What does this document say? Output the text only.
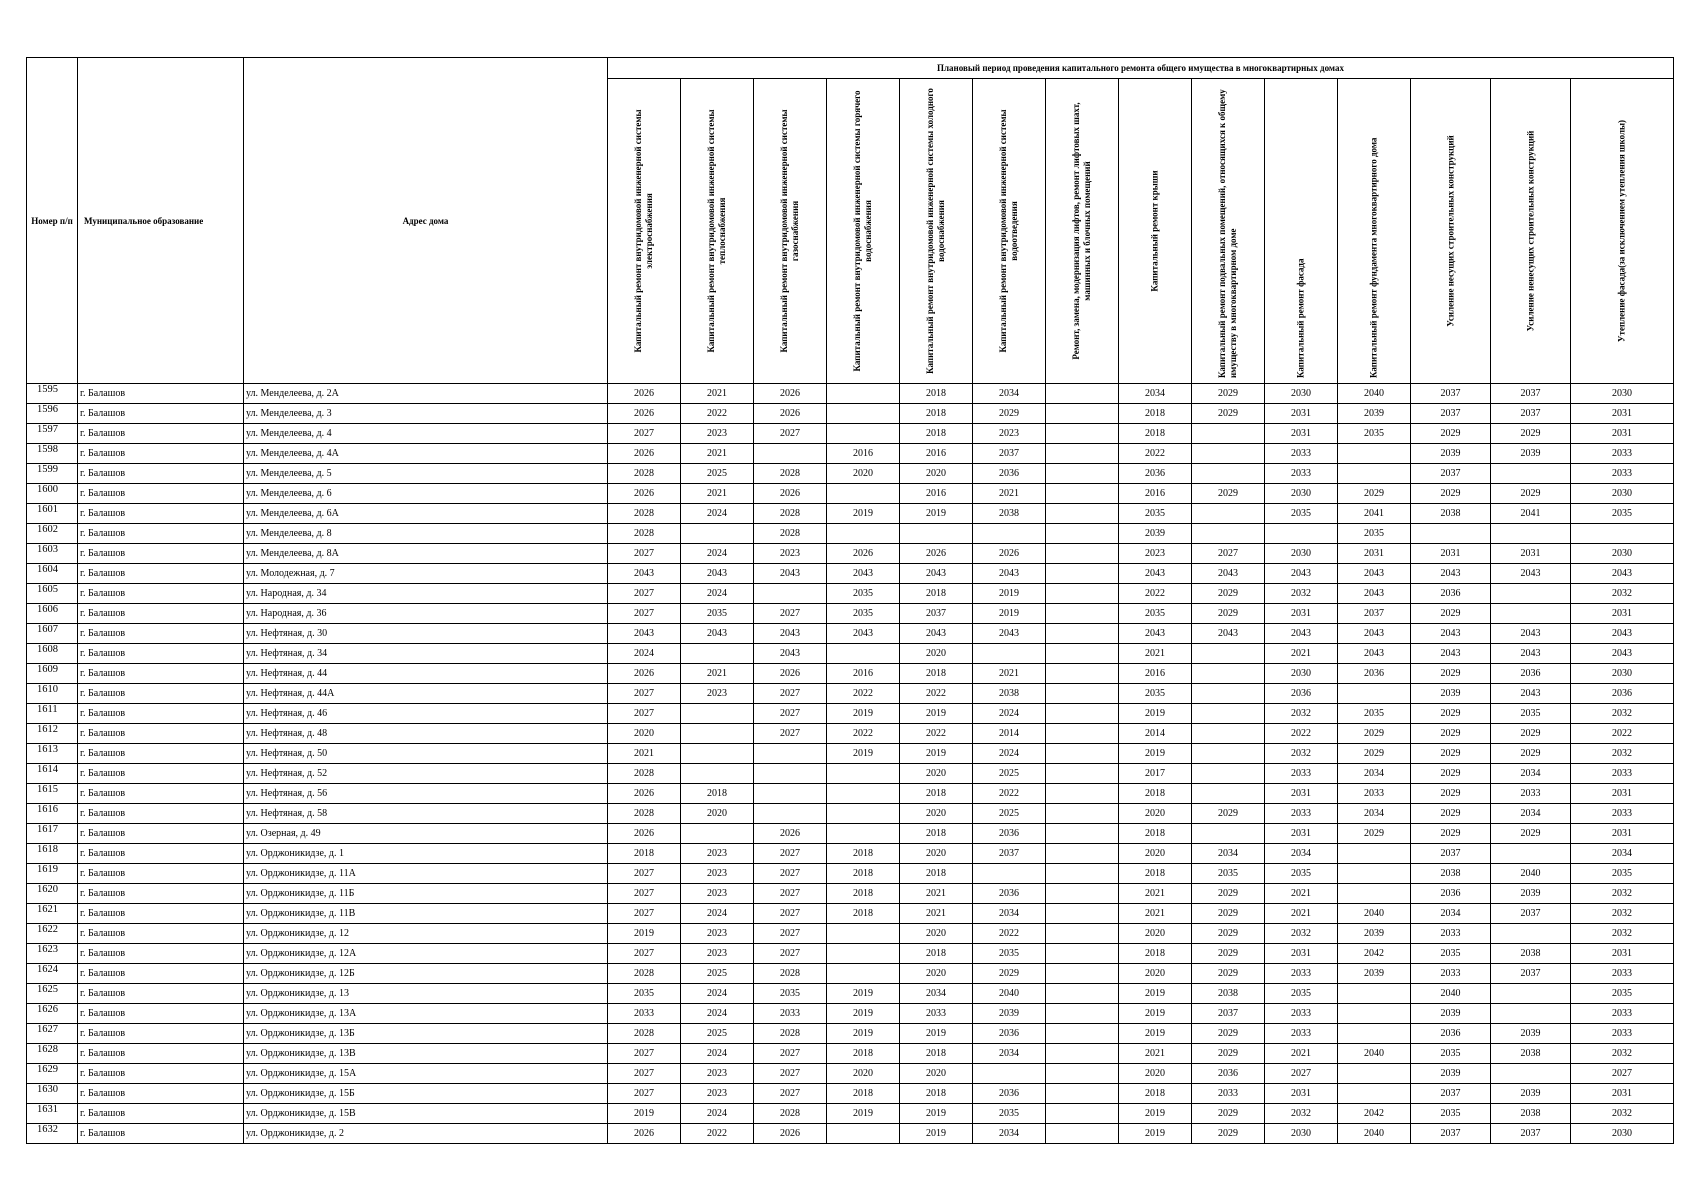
Номер п/п	Муниципальное образование	Адрес дома	Плановый период проведения капитального ремонта общего имущества в многоквартирных домах													

			Капитальный ремонт внутридомовой инженерной системы электроснабжения	Капитальный ремонт внутридомовой инженерной системы теплоснабжения	Капитальный ремонт внутридомовой инженерной системы газоснабжения	Капитальный ремонт внутридомовой инженерной системы горячего водоснабжения	Капитальный ремонт внутридомовой инженерной системы холодного водоснабжения	Капитальный ремонт внутридомовой инженерной системы водоотведения	Ремонт, замена, модернизация лифтов, ремонт лифтовых шахт, машинных и блочных помещений	Капитальный ремонт крыши	Капитальный ремонт подвальных помещений, относящихся к общему имуществу в многоквартирном доме	Капитальный ремонт фасада	Капитальный ремонт фундамента многоквартирного дома	Усиление несущих строительных конструкций	Усиление ненесущих строительных конструкций	Утепление фасада(за исключением утепления школы)

1595	г. Балашов	ул. Менделеева, д. 2А	2026	2021	2026		2018	2034		2034	2029	2030	2040	2037	2037	2030
1596	г. Балашов	ул. Менделеева, д. 3	2026	2022	2026		2018	2029		2018	2029	2031	2039	2037	2037	2031
1597	г. Балашов	ул. Менделеева, д. 4	2027	2023	2027		2018	2023		2018		2031	2035	2029	2029	2031
1598	г. Балашов	ул. Менделеева, д. 4А	2026	2021		2016	2016	2037		2022		2033		2039	2039	2033
1599	г. Балашов	ул. Менделеева, д. 5	2028	2025	2028	2020	2020	2036		2036		2033		2037		2033
1600	г. Балашов	ул. Менделеева, д. 6	2026	2021	2026		2016	2021		2016	2029	2030	2029	2029	2029	2030
1601	г. Балашов	ул. Менделеева, д. 6А	2028	2024	2028	2019	2019	2038		2035		2035	2041	2038	2041	2035
1602	г. Балашов	ул. Менделеева, д. 8	2028		2028					2039			2035			
1603	г. Балашов	ул. Менделеева, д. 8А	2027	2024	2023	2026	2026	2026		2023	2027	2030	2031	2031	2031	2030
1604	г. Балашов	ул. Молодежная, д. 7	2043	2043	2043	2043	2043	2043		2043	2043	2043	2043	2043	2043	2043
1605	г. Балашов	ул. Народная, д. 34	2027	2024		2035	2018	2019		2022	2029	2032	2043	2036		2032
1606	г. Балашов	ул. Народная, д. 36	2027	2035	2027	2035	2037	2019		2035	2029	2031	2037	2029		2031
1607	г. Балашов	ул. Нефтяная, д. 30	2043	2043	2043	2043	2043	2043		2043	2043	2043	2043	2043	2043	2043
1608	г. Балашов	ул. Нефтяная, д. 34	2024		2043		2020			2021		2021	2043	2043	2043	2043
1609	г. Балашов	ул. Нефтяная, д. 44	2026	2021	2026	2016	2018	2021		2016		2030	2036	2029	2036	2030
1610	г. Балашов	ул. Нефтяная, д. 44А	2027	2023	2027	2022	2022	2038		2035		2036		2039	2043	2036
1611	г. Балашов	ул. Нефтяная, д. 46	2027		2027	2019	2019	2024		2019		2032	2035	2029	2035	2032
1612	г. Балашов	ул. Нефтяная, д. 48	2020		2027	2022	2022	2014		2014		2022	2029	2029	2029	2022
1613	г. Балашов	ул. Нефтяная, д. 50	2021			2019	2019	2024		2019		2032	2029	2029	2029	2032
1614	г. Балашов	ул. Нефтяная, д. 52	2028				2020	2025		2017		2033	2034	2029	2034	2033
1615	г. Балашов	ул. Нефтяная, д. 56	2026	2018			2018	2022		2018		2031	2033	2029	2033	2031
1616	г. Балашов	ул. Нефтяная, д. 58	2028	2020			2020	2025		2020	2029	2033	2034	2029	2034	2033
1617	г. Балашов	ул. Озерная, д. 49	2026		2026		2018	2036		2018		2031	2029	2029	2029	2031
1618	г. Балашов	ул. Орджоникидзе, д. 1	2018	2023	2027	2018	2020	2037		2020	2034	2034		2037		2034
1619	г. Балашов	ул. Орджоникидзе, д. 11А	2027	2023	2027	2018	2018			2018	2035	2035		2038	2040	2035
1620	г. Балашов	ул. Орджоникидзе, д. 11Б	2027	2023	2027	2018	2021	2036		2021	2029	2021		2036	2039	2032
1621	г. Балашов	ул. Орджоникидзе, д. 11В	2027	2024	2027	2018	2021	2034		2021	2029	2021	2040	2034	2037	2032
1622	г. Балашов	ул. Орджоникидзе, д. 12	2019	2023	2027		2020	2022		2020	2029	2032	2039	2033		2032
1623	г. Балашов	ул. Орджоникидзе, д. 12А	2027	2023	2027		2018	2035		2018	2029	2031	2042	2035	2038	2031
1624	г. Балашов	ул. Орджоникидзе, д. 12Б	2028	2025	2028		2020	2029		2020	2029	2033	2039	2033	2037	2033
1625	г. Балашов	ул. Орджоникидзе, д. 13	2035	2024	2035	2019	2034	2040		2019	2038	2035		2040		2035
1626	г. Балашов	ул. Орджоникидзе, д. 13А	2033	2024	2033	2019	2033	2039		2019	2037	2033		2039		2033
1627	г. Балашов	ул. Орджоникидзе, д. 13Б	2028	2025	2028	2019	2019	2036		2019	2029	2033		2036	2039	2033
1628	г. Балашов	ул. Орджоникидзе, д. 13В	2027	2024	2027	2018	2018	2034		2021	2029	2021	2040	2035	2038	2032
1629	г. Балашов	ул. Орджоникидзе, д. 15А	2027	2023	2027	2020	2020			2020	2036	2027		2039		2027
1630	г. Балашов	ул. Орджоникидзе, д. 15Б	2027	2023	2027	2018	2018	2036		2018	2033	2031		2037	2039	2031
1631	г. Балашов	ул. Орджоникидзе, д. 15В	2019	2024	2028	2019	2019	2035		2019	2029	2032	2042	2035	2038	2032
1632	г. Балашов	ул. Орджоникидзе, д. 2	2026	2022	2026		2019	2034		2019	2029	2030	2040	2037	2037	2030
